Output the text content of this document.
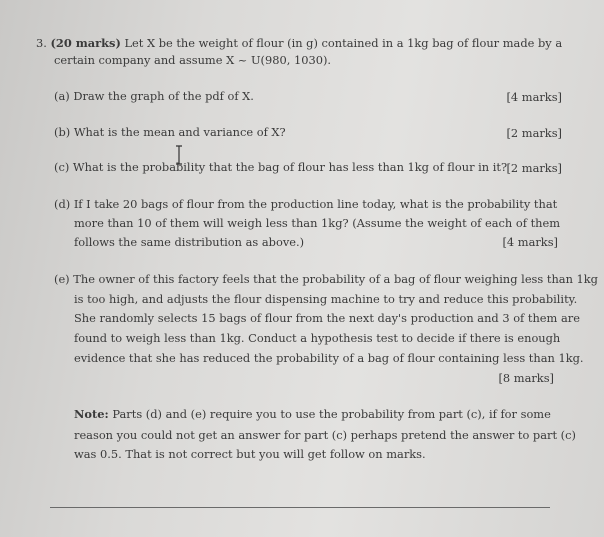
3. (20 marks) Let X be the weight of flour (in g) contained in a 1kg bag of flour made by a
certain company and assume X ~ U(980, 1030).
(a) Draw the graph of the pdf of X.	[4 marks]
(b) What is the mean and variance of X?	[2 marks]
(c) What is the probability that the bag of flour has less than 1kg of flour in it? [2 marks]
(d) If I take 20 bags of flour from the production line today, what is the probability that
more than 10 of them will weigh less than 1kg? (Assume the weight of each of them
follows the same distribution as above.)	[4 marks]
(e) The owner of this factory feels that the probability of a bag of flour weighing less than 1kg
is too high, and adjusts the flour dispensing machine to try and reduce this probability.
She randomly selects 15 bags of flour from the next day's production and 3 of them are
found to weigh less than 1kg. Conduct a hypothesis test to decide if there is enough
evidence that she has reduced the probability of a bag of flour containing less than 1kg.
[8 marks]
Note: Parts (d) and (e) require you to use the probability from part (c), if for some
reason you could not get an answer for part (c) perhaps pretend the answer to part (c)
was 0.5. That is not correct but you will get follow on marks.
